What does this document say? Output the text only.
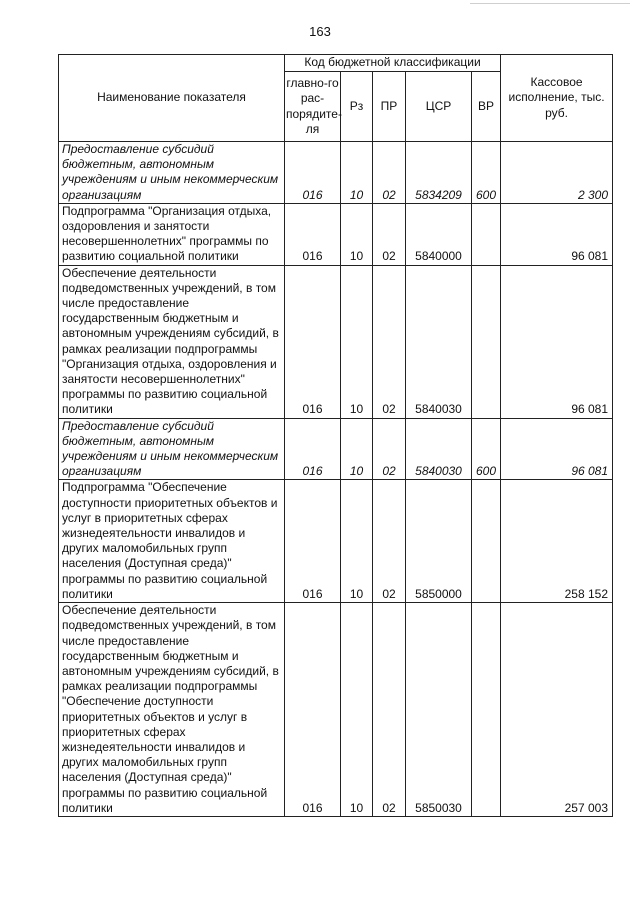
163
Наименование показателя	Код бюджетной классификации					Кассовое исполнение, тыс. руб.
	главно-го рас-порядите-ля	Рз	ПР	ЦСР	ВР	
Предоставление субсидий бюджетным, автономным учреждениям и иным некоммерческим организациям	016	10	02	5834209	600	2 300
Подпрограмма "Организация отдыха, оздоровления и занятости несовершеннолетних" программы по развитию социальной политики	016	10	02	5840000		96 081
Обеспечение деятельности подведомственных учреждений, в том числе предоставление государственным бюджетным и автономным учреждениям субсидий, в рамках реализации подпрограммы "Организация отдыха, оздоровления и занятости несовершеннолетних" программы по развитию социальной политики	016	10	02	5840030		96 081
Предоставление субсидий бюджетным, автономным учреждениям и иным некоммерческим организациям	016	10	02	5840030	600	96 081
Подпрограмма "Обеспечение доступности приоритетных объектов и услуг в приоритетных сферах жизнедеятельности инвалидов и других маломобильных групп населения (Доступная среда)" программы по развитию социальной политики	016	10	02	5850000		258 152
Обеспечение деятельности подведомственных учреждений, в том числе предоставление государственным бюджетным и автономным учреждениям субсидий, в рамках реализации подпрограммы "Обеспечение доступности приоритетных объектов и услуг в приоритетных сферах жизнедеятельности инвалидов и других маломобильных групп населения (Доступная среда)" программы по развитию социальной политики	016	10	02	5850030		257 003
